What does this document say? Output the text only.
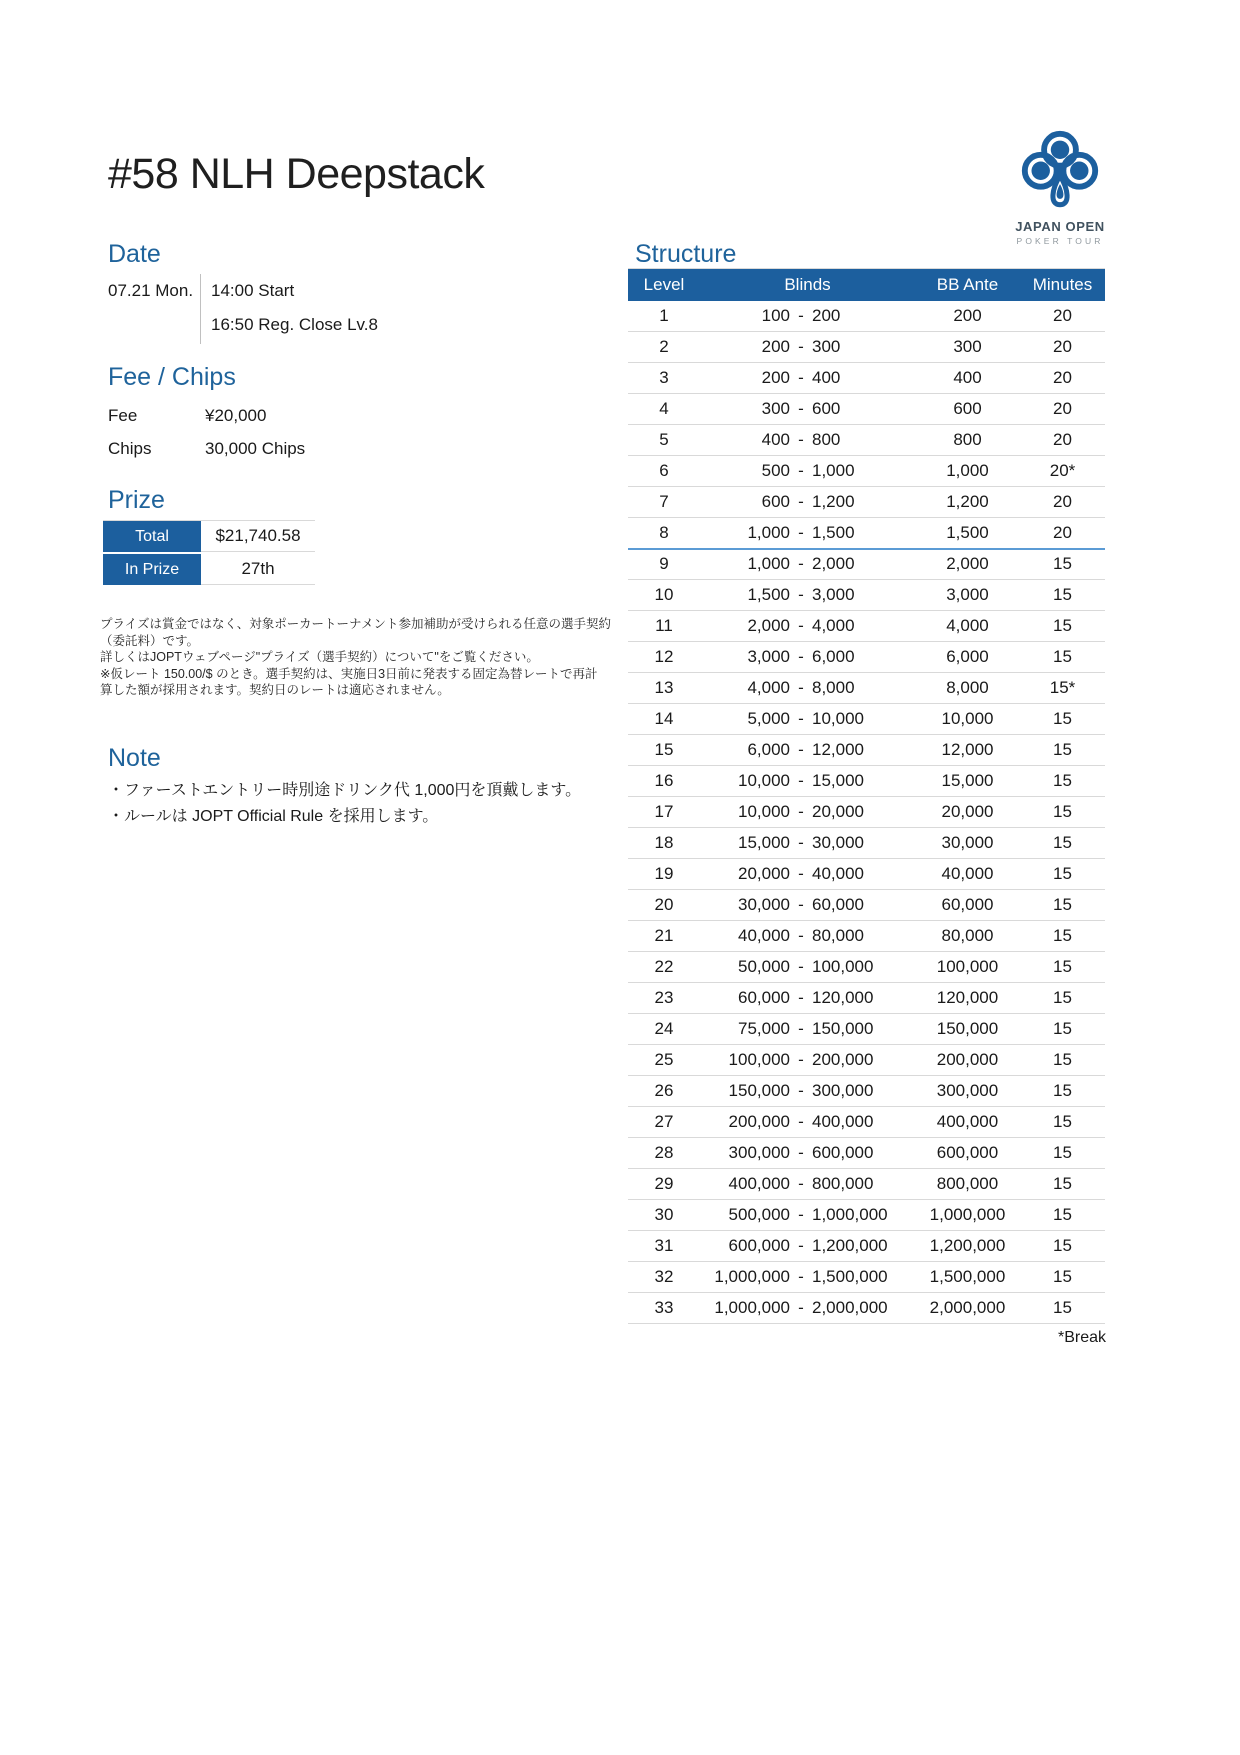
#58 NLH Deepstack
JAPAN OPEN
POKER TOUR
Date
07.21 Mon.	14:00 Start
16:50 Reg. Close Lv.8
Fee / Chips
Fee	¥20,000
Chips	30,000 Chips
Prize
Total	$21,740.58
In Prize	27th
プライズは賞金ではなく、対象ポーカートーナメント参加補助が受けられる任意の選手契約
（委託料）です。
詳しくはJOPTウェブページ"プライズ（選手契約）について"をご覧ください。
※仮レート 150.00/$ のとき。選手契約は、実施日3日前に発表する固定為替レートで再計
算した額が採用されます。契約日のレートは適応されません。
Note
・ファーストエントリー時別途ドリンク代 1,000円を頂戴します。
・ルールは JOPT Official Rule を採用します。
Structure
Level	Blinds	BB Ante	Minutes
1	100 - 200	200	20
2	200 - 300	300	20
3	200 - 400	400	20
4	300 - 600	600	20
5	400 - 800	800	20
6	500 - 1,000	1,000	20*
7	600 - 1,200	1,200	20
8	1,000 - 1,500	1,500	20
9	1,000 - 2,000	2,000	15
10	1,500 - 3,000	3,000	15
11	2,000 - 4,000	4,000	15
12	3,000 - 6,000	6,000	15
13	4,000 - 8,000	8,000	15*
14	5,000 - 10,000	10,000	15
15	6,000 - 12,000	12,000	15
16	10,000 - 15,000	15,000	15
17	10,000 - 20,000	20,000	15
18	15,000 - 30,000	30,000	15
19	20,000 - 40,000	40,000	15
20	30,000 - 60,000	60,000	15
21	40,000 - 80,000	80,000	15
22	50,000 - 100,000	100,000	15
23	60,000 - 120,000	120,000	15
24	75,000 - 150,000	150,000	15
25	100,000 - 200,000	200,000	15
26	150,000 - 300,000	300,000	15
27	200,000 - 400,000	400,000	15
28	300,000 - 600,000	600,000	15
29	400,000 - 800,000	800,000	15
30	500,000 - 1,000,000	1,000,000	15
31	600,000 - 1,200,000	1,200,000	15
32	1,000,000 - 1,500,000	1,500,000	15
33	1,000,000 - 2,000,000	2,000,000	15
*Break
